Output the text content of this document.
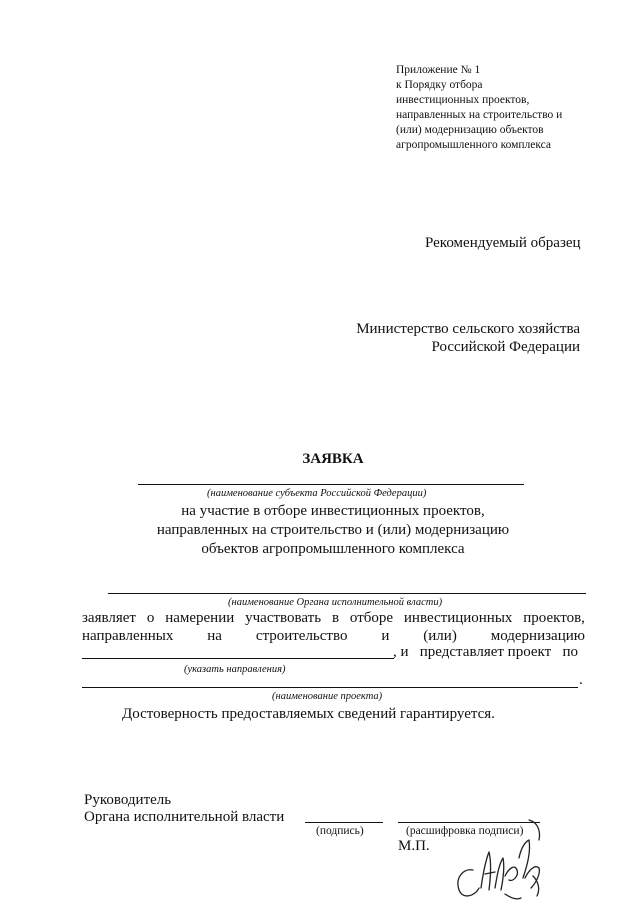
Приложение № 1
к Порядку отбора
инвестиционных проектов,
направленных на строительство и
(или) модернизацию объектов
агропромышленного комплекса
Рекомендуемый образец
Министерство сельского хозяйства
Российской Федерации
ЗАЯВКА
(наименование субъекта Российской Федерации)
на участие в отборе инвестиционных проектов,
направленных на строительство и (или) модернизацию
объектов агропромышленного комплекса
(наименование Органа исполнительной власти)
заявляет о намерении участвовать в отборе инвестиционных проектов,
направленных на строительство и (или) модернизацию
, и   представляет проект   по
(указать направления)
.
(наименование проекта)
Достоверность предоставляемых сведений гарантируется.
Руководитель
Органа исполнительной власти
(подпись)	(расшифровка подписи)
М.П.
